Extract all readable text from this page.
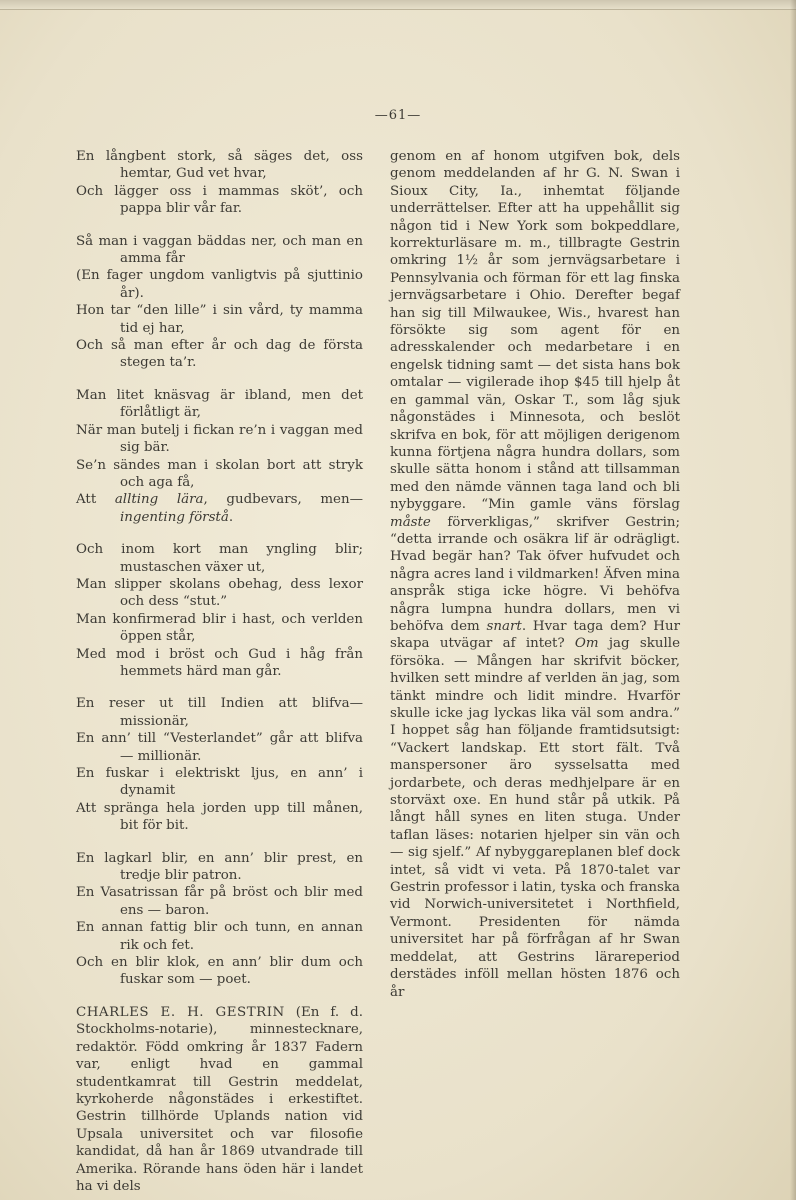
—61—
En långbent stork, så säges det, oss hemtar, Gud vet hvar,
Och lägger oss i mammas sköt’, och pappa blir vår far.
Så man i vaggan bäddas ner, och man en amma får
(En fager ungdom vanligtvis på sjuttinio år).
Hon tar “den lille” i sin vård, ty mamma tid ej har,
Och så man efter år och dag de första stegen ta’r.
Man litet knäsvag är ibland, men det förlåtligt är,
När man butelj i fickan re’n i vaggan med sig bär.
Se’n sändes man i skolan bort att stryk och aga få,
Att allting lära, gudbevars, men—ingenting förstå.
Och inom kort man yngling blir; mustaschen växer ut,
Man slipper skolans obehag, dess lexor och dess “stut.”
Man konfirmerad blir i hast, och verlden öppen står,
Med mod i bröst och Gud i håg från hemmets härd man går.
En reser ut till Indien att blifva—missionär,
En ann’ till “Vesterlandet” går att blifva — millionär.
En fuskar i elektriskt ljus, en ann’ i dynamit
Att spränga hela jorden upp till månen, bit för bit.
En lagkarl blir, en ann’ blir prest, en tredje blir patron.
En Vasatrissan får på bröst och blir med ens — baron.
En annan fattig blir och tunn, en annan rik och fet.
Och en blir klok, en ann’ blir dum och fuskar som — poet.

CHARLES E. H. GESTRIN (En f. d. Stockholms-notarie), minnestecknare, redaktör. Född omkring år 1837 Fadern var, enligt hvad en gammal studentkamrat till Gestrin meddelat, kyrkoherde någonstädes i erkestiftet. Gestrin tillhörde Uplands nation vid Upsala universitet och var filosofie kandidat, då han år 1869 utvandrade till Amerika. Rörande hans öden här i landet ha vi dels

genom en af honom utgifven bok, dels genom meddelanden af hr G. N. Swan i Sioux City, Ia., inhemtat följande underrättelser. Efter att ha uppehållit sig någon tid i New York som bokpeddlare, korrekturläsare m. m., tillbragte Gestrin omkring 1½ år som jernvägsarbetare i Pennsylvania och förman för ett lag finska jernvägsarbetare i Ohio. Derefter begaf han sig till Milwaukee, Wis., hvarest han försökte sig som agent för en adresskalender och medarbetare i en engelsk tidning samt — det sista hans bok omtalar — vigilerade ihop $45 till hjelp åt en gammal vän, Oskar T., som låg sjuk någonstädes i Minnesota, och beslöt skrifva en bok, för att möjligen derigenom kunna förtjena några hundra dollars, som skulle sätta honom i stånd att tillsamman med den nämde vännen taga land och bli nybyggare. “Min gamle väns förslag måste förverkligas,” skrifver Gestrin; “detta irrande och osäkra lif är odrägligt. Hvad begär han? Tak öfver hufvudet och några acres land i vildmarken! Äfven mina anspråk stiga icke högre. Vi behöfva några lumpna hundra dollars, men vi behöfva dem snart. Hvar taga dem? Hur skapa utvägar af intet? Om jag skulle försöka. — Mången har skrifvit böcker, hvilken sett mindre af verlden än jag, som tänkt mindre och lidit mindre. Hvarför skulle icke jag lyckas lika väl som andra.” I hoppet såg han följande framtidsutsigt: “Vackert landskap. Ett stort fält. Två manspersoner äro sysselsatta med jordarbete, och deras medhjelpare är en storväxt oxe. En hund står på utkik. På långt håll synes en liten stuga. Under taflan läses: notarien hjelper sin vän och — sig sjelf.” Af nybyggareplanen blef dock intet, så vidt vi veta. På 1870-talet var Gestrin professor i latin, tyska och franska vid Norwich-universitetet i Northfield, Vermont. Presidenten för nämda universitet har på förfrågan af hr Swan meddelat, att Gestrins lärareperiod derstädes inföll mellan hösten 1876 och år
